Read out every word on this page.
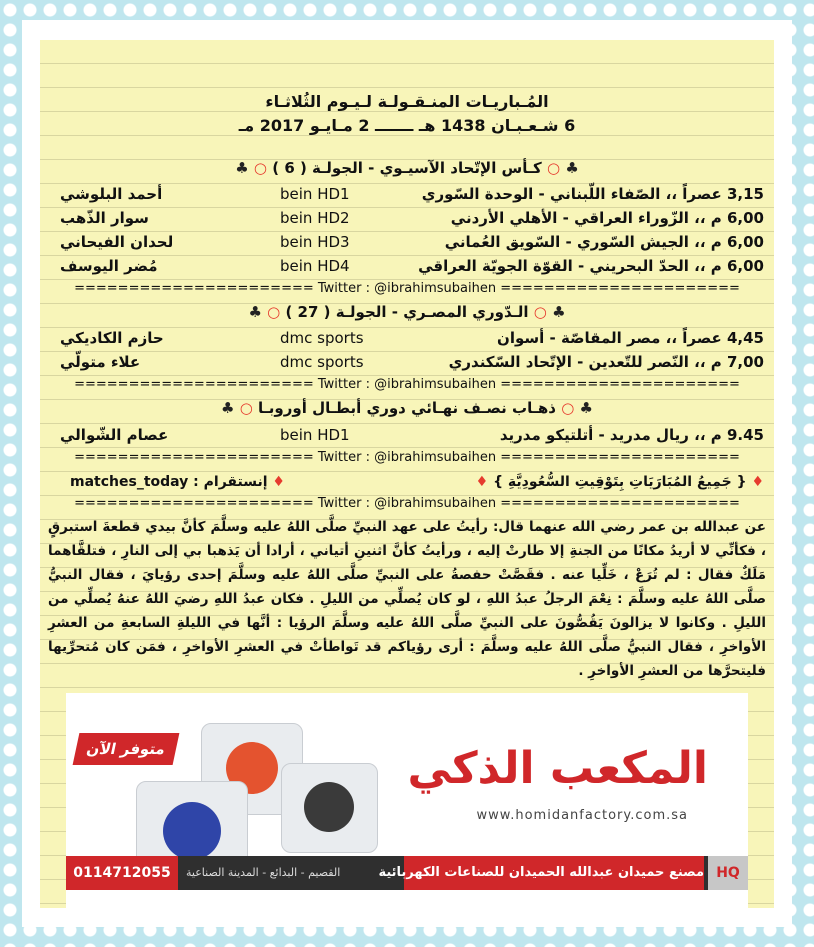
المُـباريـات المنـقـولـة لـيـوم الثُلاثـاء
6 شـعـبـان 1438 هـ ـــــــ 2 مـايـو 2017 مـ
♣ ○ كـأس الإتّحاد الآسيـوي - الجولـة ( 6 ) ○ ♣
3,15 عصراً ،، الصّفاء اللّبناني - الوحدة السّوري
bein HD1
أحمد البلوشي
6,00 م ،، الزّوراء العراقي - الأهلي الأردني
bein HD2
سوار الذّهب
6,00 م ،، الجيش السّوري - السّويق العُماني
bein HD3
لحدان الفيحاني
6,00 م ،، الحدّ البحريني - القوّة الجويّة العراقي
bein HD4
مُضر اليوسف
====================== Twitter : @ibrahimsubaihen ======================
♣ ○ الـدّوري المصـري - الجولـة ( 27 ) ○ ♣
4,45 عصراً ،، مصر المقاصّة - أسوان
dmc sports
حازم الكاديكي
7,00 م ،، النّصر للتّعدين - الإتّحاد السّكندري
dmc sports
علاء متولّي
====================== Twitter : @ibrahimsubaihen ======================
♣ ○ ذهـاب نصـف نهـائي دوري أبطـال أوروبـا ○ ♣
9.45 م ،، ريال مدريد - أتلتيكو مدريد
bein HD1
عصام الشّوالي
====================== Twitter : @ibrahimsubaihen ======================
♦ { جَمِيعُ المُبَارَيَاتِ بِتَوْقِيتِ السُّعُودِيَّةِ } ♦
♦ إنستقرام : matches_today
====================== Twitter : @ibrahimsubaihen ======================
عن عبدالله بن عمر رضي الله عنهما قال: رأيتُ على عهد النبيِّ صلَّى اللهُ عليه وسلَّمَ كأنَّ بيدي قطعةَ استبرقٍ ، فكأنِّي لا أريدُ مكانًا من الجنةِ إلا طارتْ إليه ، ورأيتُ كأنَّ اثنينِ أتياني ، أرادا أن يَذهبا بي إلى النارِ ، فتلقَّاهما مَلَكٌ فقال : لم تُرَعْ ، خَلِّيا عنه . فقَصَّتْ حفصةُ على النبيِّ صلَّى اللهُ عليه وسلَّمَ إحدى رؤيايَ ، فقال النبيُّ صلَّى اللهُ عليه وسلَّمَ : نِعْمَ الرجلُ عبدُ اللهِ ، لو كان يُصلِّي من الليلِ . فكان عبدُ اللهِ رضيَ اللهُ عنهُ يُصلِّي من الليلِ . وكانوا لا يزالونَ يَقُصُّونَ على النبيِّ صلَّى اللهُ عليه وسلَّمَ الرؤيا : أنَّها في الليلةِ السابعةِ من العشرِ الأواخرِ ، فقال النبيُّ صلَّى اللهُ عليه وسلَّمَ : أرى رؤياكم قد تَواطأتْ في العشرِ الأواخرِ ، فمَن كان مُتحرِّيها فليتحرَّها من العشرِ الأواخرِ .
متوفر الآن	المكعب الذكي
www.homidanfactory.com.sa
0114712055	القصيم - البدائع - المدينة الصناعية	مصنع حميدان عبدالله الحميدان للصناعات الكهربائية HQ
